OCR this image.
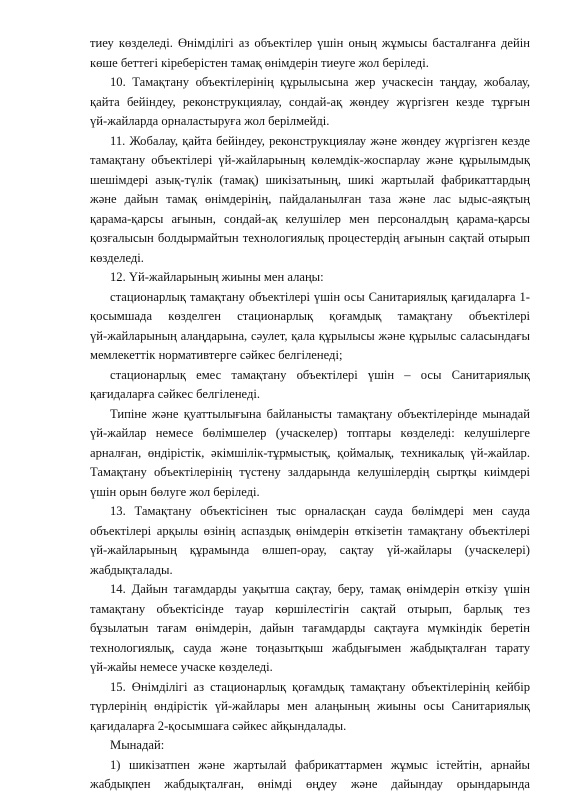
тиеу көзделеді. Өнімділігі аз объектілер үшін оның жұмысы басталғанға дейін
көше беттегі кіреберістен тамақ өнімдерін тиеуге жол беріледі.

10. Тамақтану объектілерінің құрылысына жер учаскесін таңдау, жобалау,
қайта бейіндеу, реконструкциялау, сондай-ақ жөндеу жүргізген кезде тұрғын
үй-жайларда орналастыруға жол берілмейді.

11. Жобалау, қайта бейіндеу, реконструкциялау және жөндеу жүргізген кезде
тамақтану объектілері үй-жайларының көлемдік-жоспарлау және құрылымдық
шешімдері азық-түлік (тамақ) шикізатының, шикі жартылай фабрикаттардың
және дайын тамақ өнімдерінің, пайдаланылған таза және лас ыдыс-аяқтың
қарама-қарсы ағынын, сондай-ақ келушілер мен персоналдың қарама-қарсы
қозғалысын болдырмайтын технологиялық процестердің ағынын сақтай отырып
көзделеді.

12. Үй-жайларының жиыны мен алаңы:

стационарлық тамақтану объектілері үшін осы Санитариялық қағидаларға 1-
қосымшада көзделген стационарлық қоғамдық тамақтану объектілері
үй-жайларының алаңдарына, сәулет, қала құрылысы және құрылыс саласындағы
мемлекеттік нормативтерге сәйкес белгіленеді;

стационарлық емес тамақтану объектілері үшін – осы Санитариялық
қағидаларға сәйкес белгіленеді.

Типіне және қуаттылығына байланысты тамақтану объектілерінде мынадай
үй-жайлар немесе бөлімшелер (учаскелер) топтары көзделеді: келушілерге
арналған, өндірістік, әкімшілік-тұрмыстық, қоймалық, техникалық үй-жайлар.
Тамақтану объектілерінің түстену залдарында келушілердің сыртқы киімдері
үшін орын бөлуге жол беріледі.

13. Тамақтану объектісінен тыс орналасқан сауда бөлімдері мен сауда
объектілері арқылы өзінің аспаздық өнімдерін өткізетін тамақтану объектілері
үй-жайларының құрамында өлшеп-орау, сақтау үй-жайлары (учаскелері)
жабдықталады.

14. Дайын тағамдарды уақытша сақтау, беру, тамақ өнімдерін өткізу үшін
тамақтану объектісінде тауар көршілестігін сақтай отырып, барлық тез
бұзылатын тағам өнімдерін, дайын тағамдарды сақтауға мүмкіндік беретін
технологиялық, сауда және тоңазытқыш жабдығымен жабдықталған тарату
үй-жайы немесе учаске көзделеді.

15. Өнімділігі аз стационарлық қоғамдық тамақтану объектілерінің кейбір
түрлерінің өндірістік үй-жайлары мен алаңының жиыны осы Санитариялық
қағидаларға 2-қосымшаға сәйкес айқындалады.

Мынадай:

1) шикізатпен және жартылай фабрикаттармен жұмыс істейтін, арнайы
жабдықпен жабдықталған, өнімді өңдеу және дайындау орындарында
